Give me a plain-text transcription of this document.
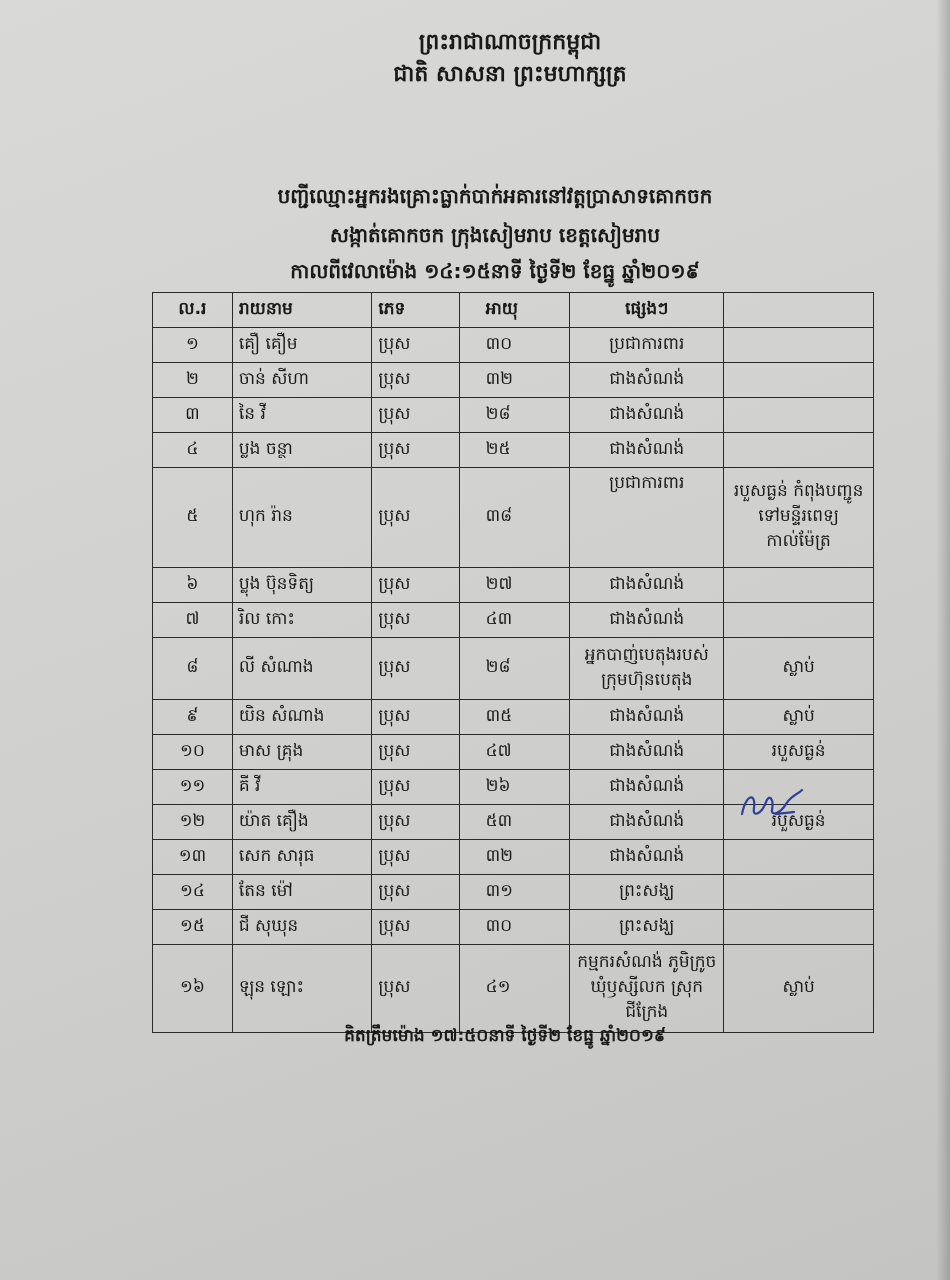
ព្រះរាជាណាចក្រកម្ពុជា
ជាតិ សាសនា ព្រះមហាក្សត្រ
បញ្ជីឈ្មោះអ្នករងគ្រោះធ្លាក់បាក់អគារនៅវត្តប្រាសាទគោកចក
សង្កាត់គោកចក ក្រុងសៀមរាប ខេត្តសៀមរាប
កាលពីវេលាម៉ោង ១៤:១៥នាទី ថ្ងៃទី២ ខែធ្នូ ឆ្នាំ២០១៩
ល.រ	រាយនាម	ភេទ	អាយុ	ផ្សេងៗ	
១	គឿ គឿម	ប្រុស	៣០	ប្រជាការពារ	
២	ចាន់ សីហា	ប្រុស	៣២	ជាងសំណង់	
៣	នៃ វី	ប្រុស	២៨	ជាងសំណង់	
៤	ប្លង ចន្ថា	ប្រុស	២៥	ជាងសំណង់	
៥	ហុក រ៉ាន	ប្រុស	៣៨	ប្រជាការពារ	របួសធ្ងន់ កំពុងបញ្ជូនទៅមន្ទីរពេទ្យកាល់ម៉ែត្រ
៦	ប្លុង ប៊ុនទិត្យ	ប្រុស	២៧	ជាងសំណង់	
៧	រិល កោះ	ប្រុស	៤៣	ជាងសំណង់	
៨	លី សំណាង	ប្រុស	២៨	អ្នកបាញ់បេតុងរបស់ក្រុមហ៊ុនបេតុង	ស្លាប់
៩	យិន សំណាង	ប្រុស	៣៥	ជាងសំណង់	ស្លាប់
១០	មាស គ្រុង	ប្រុស	៤៧	ជាងសំណង់	របួសធ្ងន់
១១	គី វី	ប្រុស	២៦	ជាងសំណង់	
១២	យ៉ាត គឿង	ប្រុស	៥៣	ជាងសំណង់	របួសធ្ងន់
១៣	សេក សារុធ	ប្រុស	៣២	ជាងសំណង់	
១៤	តែន ម៉ៅ	ប្រុស	៣១	ព្រះសង្ឃ	
១៥	ជី សុឃុន	ប្រុស	៣០	ព្រះសង្ឃ	
១៦	ឡុន ឡោះ	ប្រុស	៤១	កម្មករសំណង់ ភូមិក្រូច ឃុំឫស្សីលក ស្រុកជីក្រែង	ស្លាប់
គិតត្រឹមម៉ោង ១៧:៥០នាទី ថ្ងៃទី២ ខែធ្នូ ឆ្នាំ២០១៩
